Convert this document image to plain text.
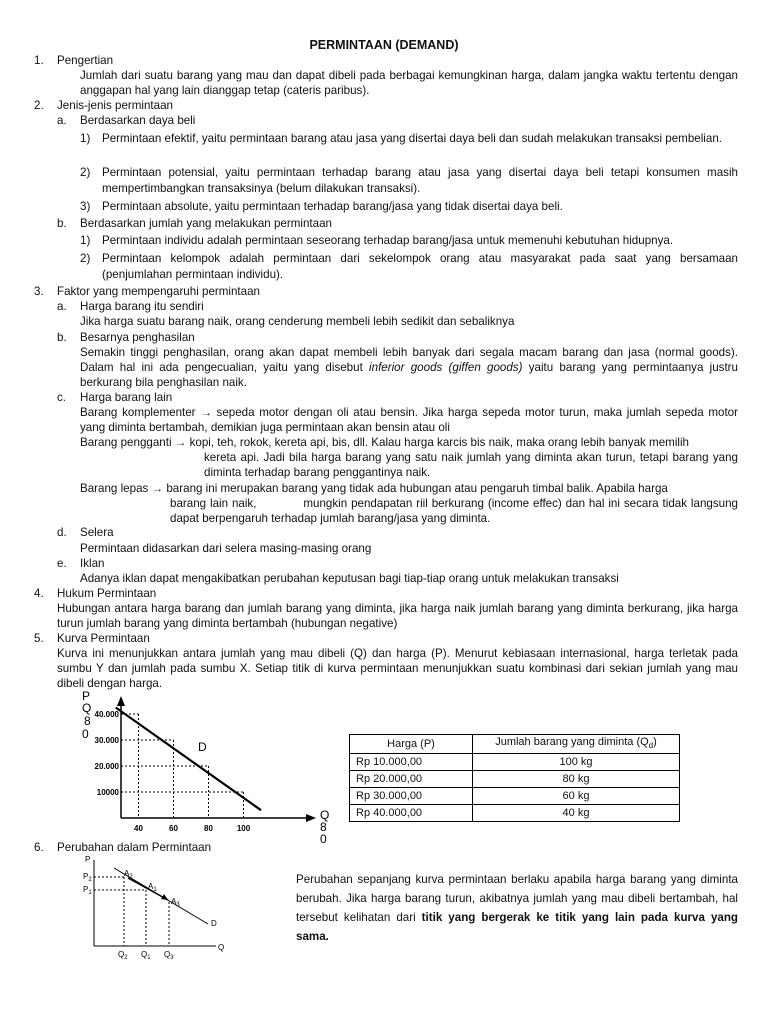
PERMINTAAN (DEMAND)
1. Pengertian
Jumlah dari suatu barang yang mau dan dapat dibeli pada berbagai kemungkinan harga, dalam jangka waktu tertentu dengan anggapan hal yang lain dianggap tetap (cateris paribus).
2. Jenis-jenis permintaan
a. Berdasarkan daya beli
1) Permintaan efektif, yaitu permintaan barang atau jasa yang disertai daya beli dan sudah melakukan transaksi pembelian.
2) Permintaan potensial, yaitu permintaan terhadap barang atau jasa yang disertai daya beli tetapi konsumen masih mempertimbangkan transaksinya (belum dilakukan transaksi).
3) Permintaan absolute, yaitu permintaan terhadap barang/jasa yang tidak disertai daya beli.
b. Berdasarkan jumlah yang melakukan permintaan
1) Permintaan individu adalah permintaan seseorang terhadap barang/jasa untuk memenuhi kebutuhan hidupnya.
2) Permintaan kelompok adalah permintaan dari sekelompok orang atau masyarakat pada saat yang bersamaan (penjumlahan permintaan individu).
3. Faktor yang mempengaruhi permintaan
a. Harga barang itu sendiri
Jika harga suatu barang naik, orang cenderung membeli lebih sedikit dan sebaliknya
b. Besarnya penghasilan
Semakin tinggi penghasilan, orang akan dapat membeli lebih banyak dari segala macam barang dan jasa (normal goods). Dalam hal ini ada pengecualian, yaitu yang disebut inferior goods (giffen goods) yaitu barang yang permintaanya justru berkurang bila penghasilan naik.
c. Harga barang lain
Barang komplementer → sepeda motor dengan oli atau bensin. Jika harga sepeda motor turun, maka jumlah sepeda motor yang diminta bertambah, demikian juga permintaan akan bensin atau oli
Barang pengganti → kopi, teh, rokok, kereta api, bis, dll. Kalau harga karcis bis naik, maka orang lebih banyak memilih
kereta api. Jadi bila harga barang yang satu naik jumlah yang diminta akan turun, tetapi barang yang diminta terhadap barang penggantinya naik.
Barang lepas → barang ini merupakan barang yang tidak ada hubungan atau pengaruh timbal balik. Apabila harga
barang lain naik,            mungkin pendapatan riil berkurang (income effec) dan hal ini secara tidak langsung dapat berpengaruh terhadap jumlah barang/jasa yang diminta.
d. Selera
Permintaan didasarkan dari selera masing-masing orang
e. Iklan
Adanya iklan dapat mengakibatkan perubahan keputusan bagi tiap-tiap orang untuk melakukan transaksi
4. Hukum Permintaan
Hubungan antara harga barang dan jumlah barang yang diminta, jika harga naik jumlah barang yang diminta berkurang, jika harga turun jumlah barang yang diminta bertambah (hubungan negative)
5. Kurva Permintaan
Kurva ini menunjukkan antara jumlah yang mau dibeli (Q) dan harga (P). Menurut kebiasaan internasional, harga terletak pada sumbu Y dan jumlah pada sumbu X. Setiap titik di kurva permintaan menunjukkan suatu kombinasi dari sekian jumlah yang mau dibeli dengan harga.
40
40.000
60
30.000
80
20.000
100
10000
P
Q
8
0
D
Q
8
0
Harga (P)	Jumlah barang yang diminta $(Q_d)$
Rp 10.000,00	100 kg
Rp 20.000,00	80 kg
Rp 30.000,00	60 kg
Rp 40.000,00	40 kg
6. Perubahan dalam Permintaan
P
$P_2$
$P_1$
$A_2$
$A_1$
$A_3$
D
Q
$Q_2$ $Q_1$ $Q_3$
Perubahan sepanjang kurva permintaan berlaku apabila harga barang yang diminta berubah. Jika harga barang turun, akibatnya jumlah yang mau dibeli bertambah, hal tersebut kelihatan dari titik yang bergerak ke titik yang lain pada kurva yang sama.
